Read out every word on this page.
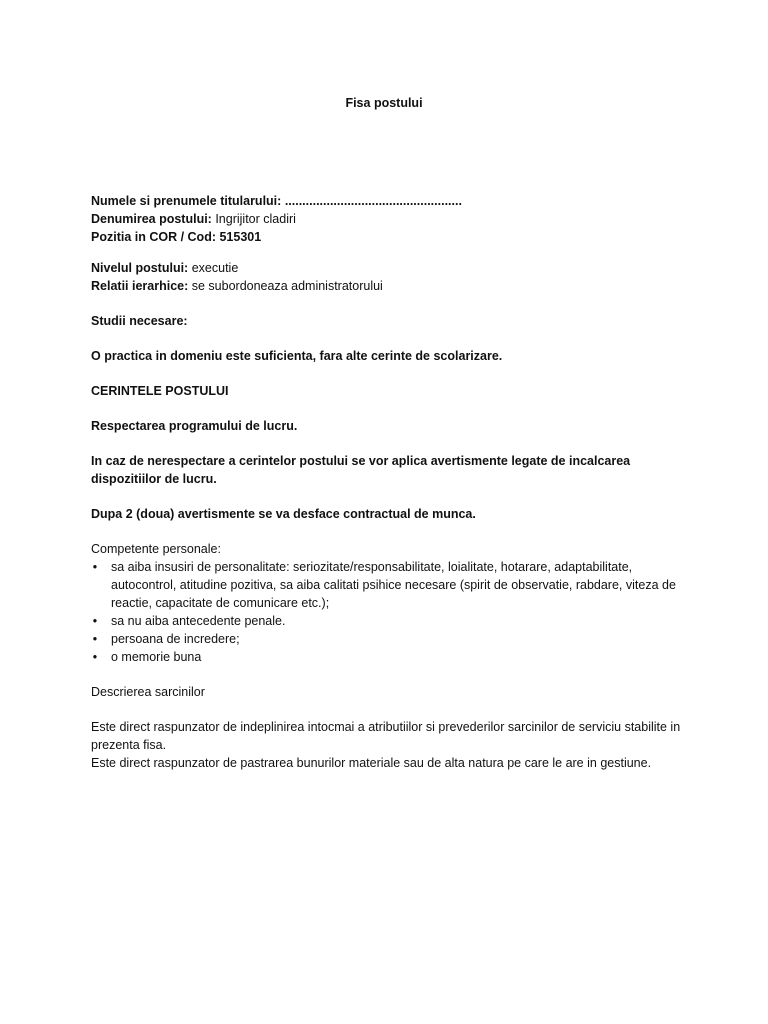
Fisa postului

Numele si prenumele titularului: ...................................................

Denumirea postului: Ingrijitor cladiri

Pozitia in COR / Cod: 515301

Nivelul postului: executie

Relatii ierarhice: se subordoneaza administratorului

Studii necesare:

O practica in domeniu este suficienta, fara alte cerinte de scolarizare.

CERINTELE POSTULUI

Respectarea programului de lucru.

In caz de nerespectare a cerintelor postului se vor aplica avertismente legate de incalcarea dispozitiilor de lucru.

Dupa 2 (doua) avertismente se va desface contractual de munca.

Competente personale:

• sa aiba insusiri de personalitate: seriozitate/responsabilitate, loialitate, hotarare, adaptabilitate, autocontrol, atitudine pozitiva, sa aiba calitati psihice necesare (spirit de observatie, rabdare, viteza de reactie, capacitate de comunicare etc.);
• sa nu aiba antecedente penale.
• persoana de incredere;
• o memorie buna

Descrierea sarcinilor

Este direct raspunzator de indeplinirea intocmai a atributiilor si prevederilor sarcinilor de serviciu stabilite in prezenta fisa.

Este direct raspunzator de pastrarea bunurilor materiale sau de alta natura pe care le are in gestiune.
